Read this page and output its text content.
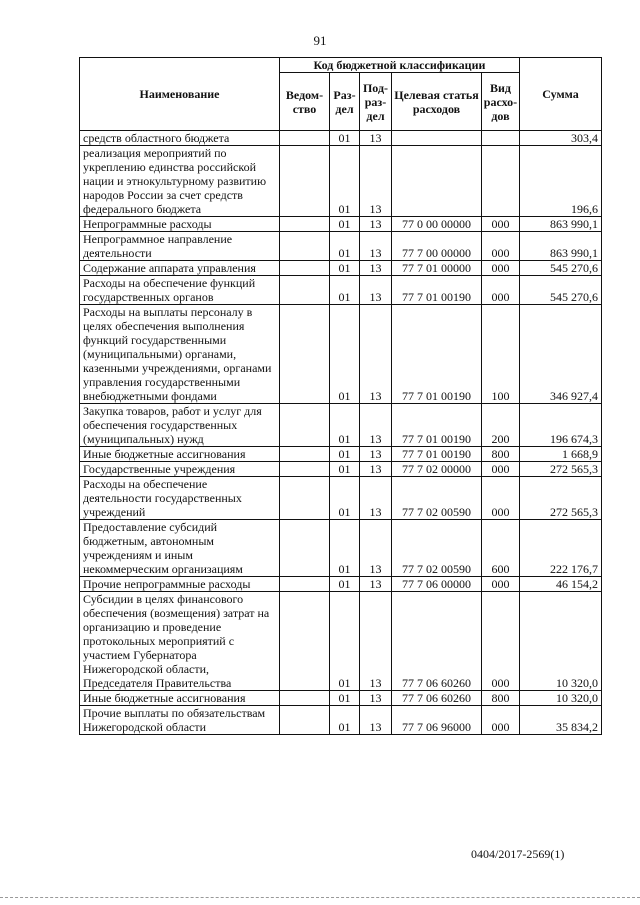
91
Наименование	Код бюджетной классификации					Сумма
	Ведом-ство	Раз-дел	Под-раз-дел	Целевая статья расходов	Вид расхо-дов	
средств областного бюджета		01	13			303,4
реализация мероприятий по укреплению единства российской нации и этнокультурному развитию народов России за счет средств федерального бюджета		01	13			196,6
Непрограммные расходы		01	13	77 0 00 00000	000	863 990,1
Непрограммное направление деятельности		01	13	77 7 00 00000	000	863 990,1
Содержание аппарата управления		01	13	77 7 01 00000	000	545 270,6
Расходы на обеспечение функций государственных органов		01	13	77 7 01 00190	000	545 270,6
Расходы на выплаты персоналу в целях обеспечения выполнения функций государственными (муниципальными) органами, казенными учреждениями, органами управления государственными внебюджетными фондами		01	13	77 7 01 00190	100	346 927,4
Закупка товаров, работ и услуг для обеспечения государственных (муниципальных) нужд		01	13	77 7 01 00190	200	196 674,3
Иные бюджетные ассигнования		01	13	77 7 01 00190	800	1 668,9
Государственные учреждения		01	13	77 7 02 00000	000	272 565,3
Расходы на обеспечение деятельности государственных учреждений		01	13	77 7 02 00590	000	272 565,3
Предоставление субсидий бюджетным, автономным учреждениям и иным некоммерческим организациям		01	13	77 7 02 00590	600	222 176,7
Прочие непрограммные расходы		01	13	77 7 06 00000	000	46 154,2
Субсидии в целях финансового обеспечения (возмещения) затрат на организацию и проведение протокольных мероприятий с участием Губернатора Нижегородской области, Председателя Правительства		01	13	77 7 06 60260	000	10 320,0
Иные бюджетные ассигнования		01	13	77 7 06 60260	800	10 320,0
Прочие выплаты по обязательствам Нижегородской области		01	13	77 7 06 96000	000	35 834,2
0404/2017-2569(1)
